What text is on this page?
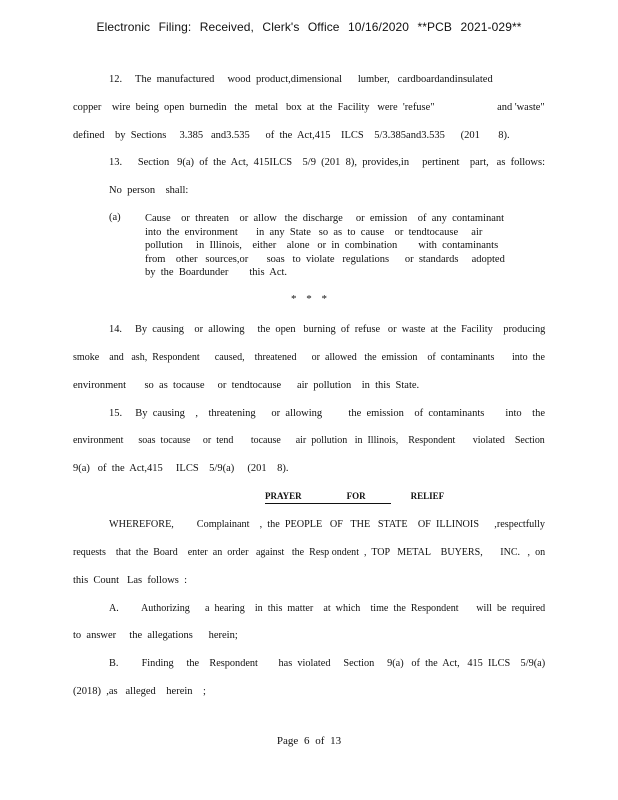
Electronic Filing: Received, Clerk's Office 10/16/2020 **PCB 2021-029**
12.     The  manufactured     wood  product,dimensional      lumber,   cardboardandinsulated
copper    wire  being  open  burnedin   the   metal   box  at  the  Facility   were  'refuse"                        and 'waste"
defined    by  Sections     3.385   and3.535      of  the  Act,415    ILCS    5/3.385and3.535      (201       8).
13.      Section   9(a)  of  the  Act,  415ILCS    5/9  (201  8),  provides,in     pertinent    part,   as  follows:
No  person    shall:
(a) Cause    or  threaten    or  allow   the  discharge     or  emission    of  any  contaminant
into  the  environment       in  any  State   so  as  to  cause    or  tendtocause     air
pollution     in  Illinois,    either    alone   or  in  combination        with  contaminants
from    other   sources,or       soas   to  violate   regulations      or  standards     adopted
by  the  Boardunder        this  Act.
* * *
14.     By  causing    or  allowing     the  open   burning  of  refuse   or  waste  at  the  Facility    producing
smoke    and   ash,  Respondent      caused,    threatened      or  allowed   the  emission    of  contaminants       into  the
environment       so  as  tocause     or  tendtocause      air  pollution    in  this  State.
15.     By  causing    ,    threatening      or  allowing          the  emission    of  contaminants        into    the
environment      soas  tocause     or  tend       tocause      air  pollution   in  Illinois,    Respondent       violated    Section
9(a)   of  the  Act,415     ILCS    5/9(a)     (201    8).
PRAYER    FOR    RELIEF
WHEREFORE,         Complainant    ,  the  PEOPLE   OF   THE   STATE    OF  ILLINOIS      ,respectfully
requests    that  the  Board    enter  an  order   against   the  Resp ondent  ,  TOP   METAL    BUYERS,       INC.   ,  on
this  Count   Las  follows  :
A.         Authorizing      a  hearing    in  this  matter    at  which    time  the  Respondent       will  be  required
to  answer     the  allegations      herein;
B.         Finding     the    Respondent        has  violated     Section     9(a)   of  the  Act,   415  ILCS    5/9(a)
(2018)  ,as   alleged    herein    ;
Page 6 of 13
